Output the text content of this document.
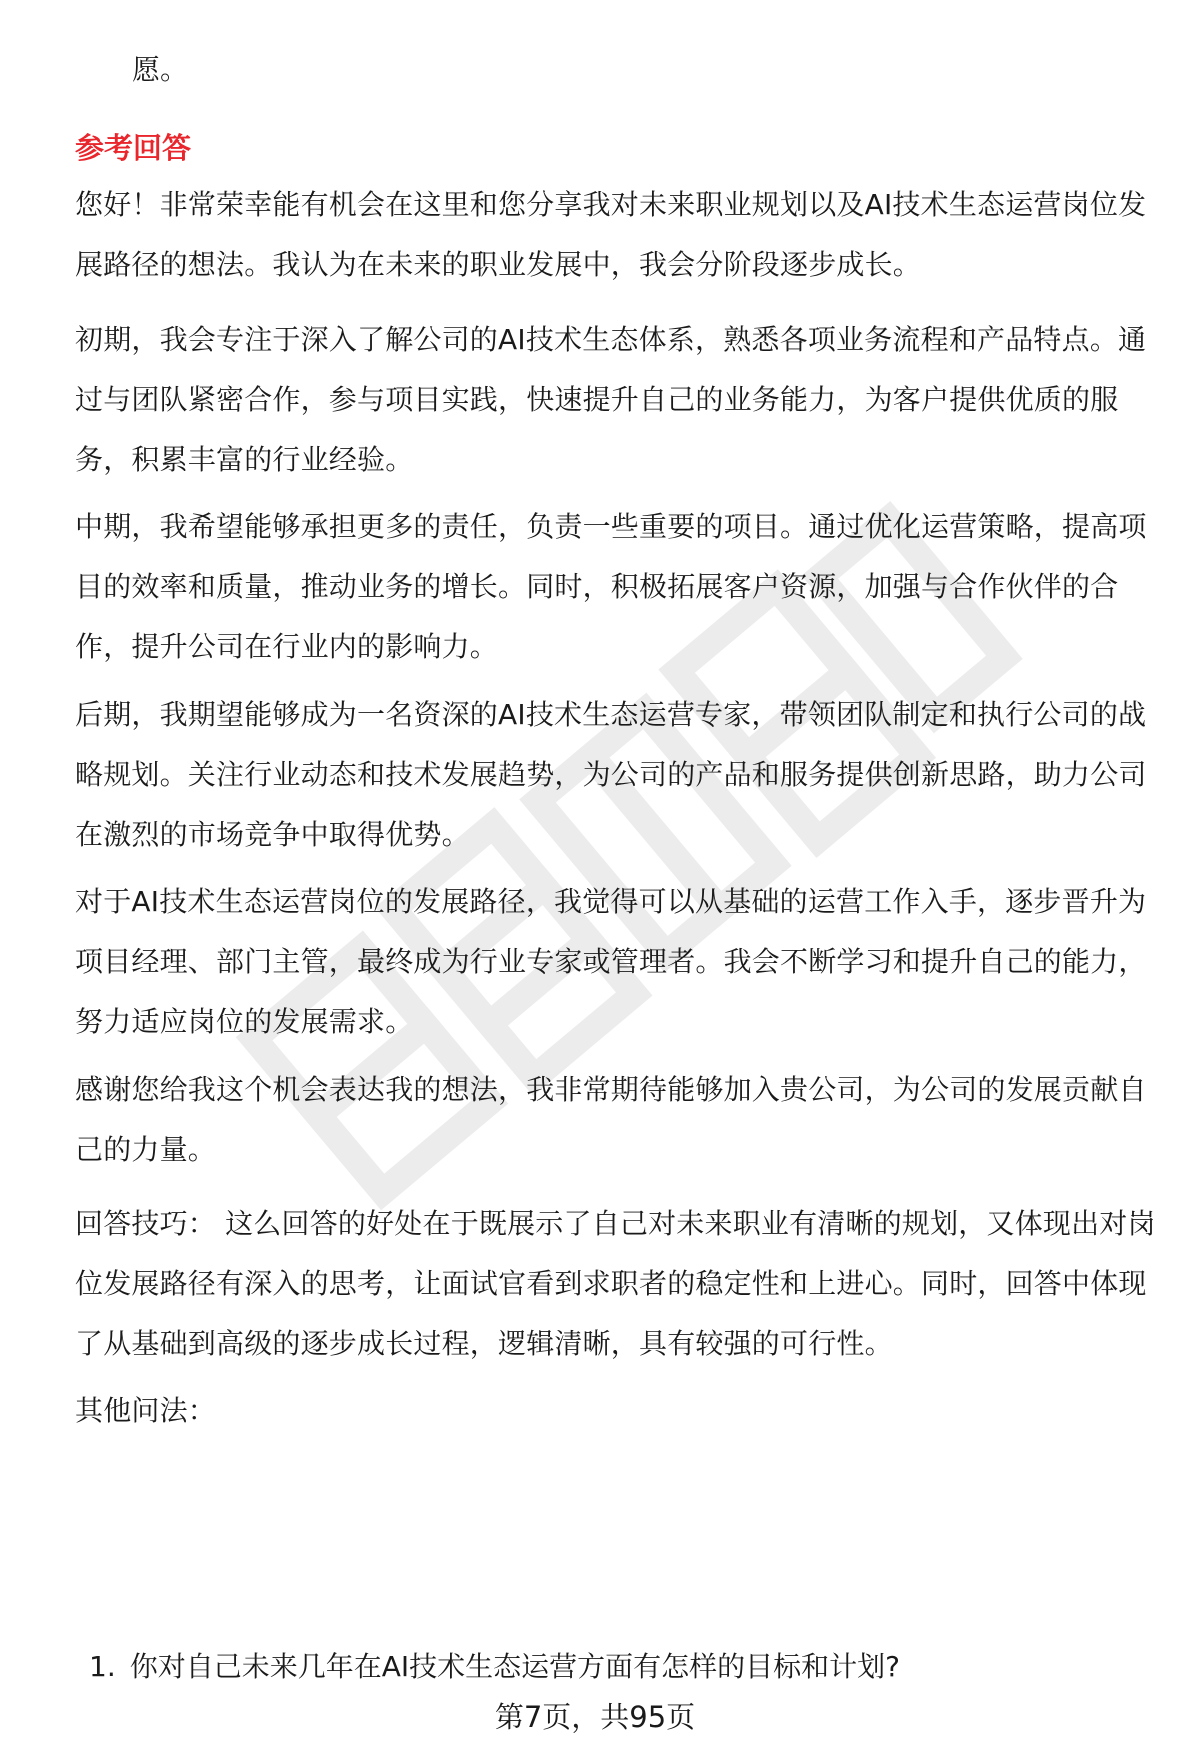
愿。

参考回答

您好！非常荣幸能有机会在这里和您分享我对未来职业规划以及AI技术生态运营岗位发展路径的想法。我认为在未来的职业发展中，我会分阶段逐步成长。

初期，我会专注于深入了解公司的AI技术生态体系，熟悉各项业务流程和产品特点。通过与团队紧密合作，参与项目实践，快速提升自己的业务能力，为客户提供优质的服务，积累丰富的行业经验。

中期，我希望能够承担更多的责任，负责一些重要的项目。通过优化运营策略，提高项目的效率和质量，推动业务的增长。同时，积极拓展客户资源，加强与合作伙伴的合作，提升公司在行业内的影响力。

后期，我期望能够成为一名资深的AI技术生态运营专家，带领团队制定和执行公司的战略规划。关注行业动态和技术发展趋势，为公司的产品和服务提供创新思路，助力公司在激烈的市场竞争中取得优势。

对于AI技术生态运营岗位的发展路径，我觉得可以从基础的运营工作入手，逐步晋升为项目经理、部门主管，最终成为行业专家或管理者。我会不断学习和提升自己的能力，努力适应岗位的发展需求。

感谢您给我这个机会表达我的想法，我非常期待能够加入贵公司，为公司的发展贡献自己的力量。

回答技巧： 这么回答的好处在于既展示了自己对未来职业有清晰的规划，又体现出对岗位发展路径有深入的思考，让面试官看到求职者的稳定性和上进心。同时，回答中体现了从基础到高级的逐步成长过程，逻辑清晰，具有较强的可行性。

其他问法：

1. 你对自己未来几年在AI技术生态运营方面有怎样的目标和计划?
第7页，共95页
